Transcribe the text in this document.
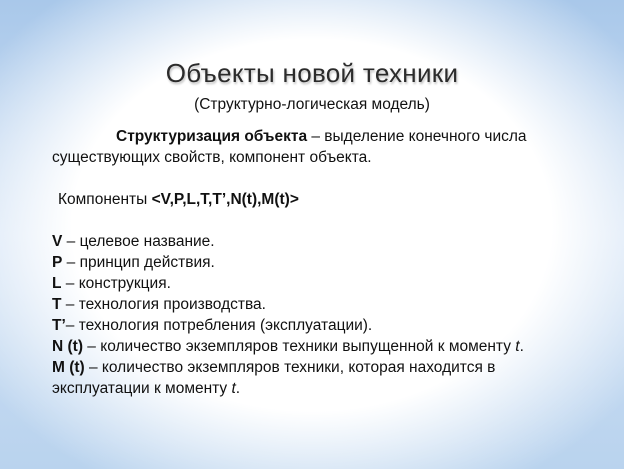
Объекты новой техники
(Структурно-логическая модель)

Структуризация объекта – выделение конечного числа существующих свойств, компонент объекта.

Компоненты <V,P,L,T,T’,N(t),M(t)>
V – целевое название.
P – принцип действия.
L – конструкция.
T – технология производства.
T’– технология потребления (эксплуатации).
N (t) – количество экземпляров техники выпущенной к моменту t.
M (t) – количество экземпляров техники, которая находится в эксплуатации к моменту t.
